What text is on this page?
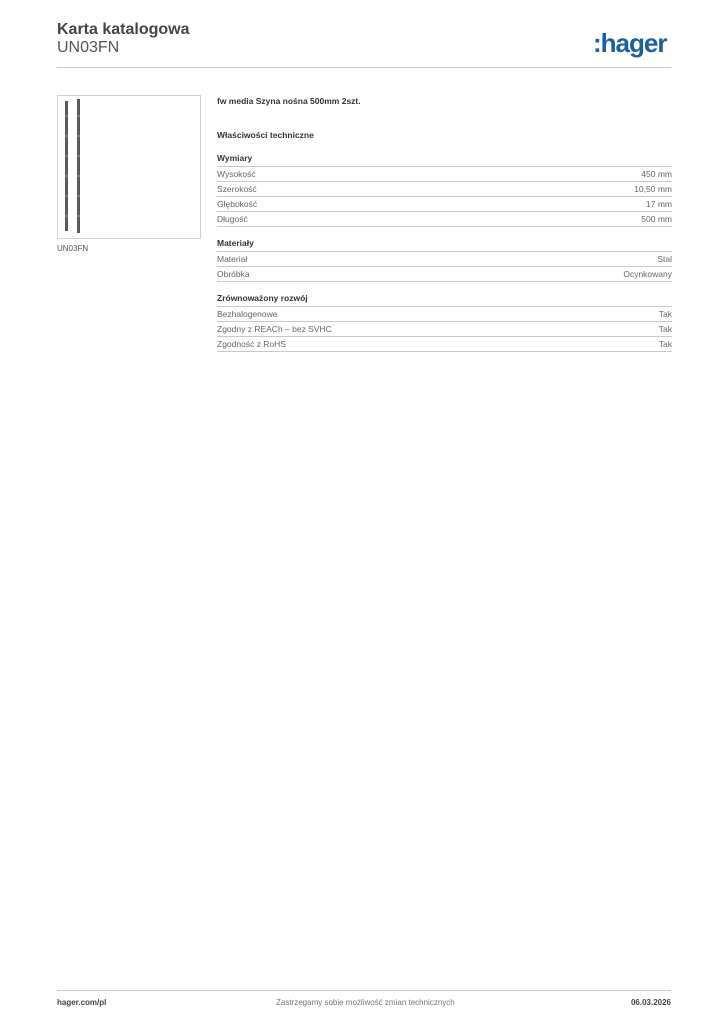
Karta katalogowa
UN03FN	:hager
UN03FN
fw media Szyna nośna 500mm 2szt.
Właściwości techniczne
Wymiary
Wysokość	450 mm
Szerokość	10,50 mm
Głębokość	17 mm
Długość	500 mm
Materiały
Materiał	Stal
Obróbka	Ocynkowany
Zrównoważony rozwój
Bezhalogenowe	Tak
Zgodny z REACh – bez SVHC	Tak
Zgodność z RoHS	Tak
hager.com/pl	Zastrzegamy sobie możliwość zmian technicznych	06.03.2026
